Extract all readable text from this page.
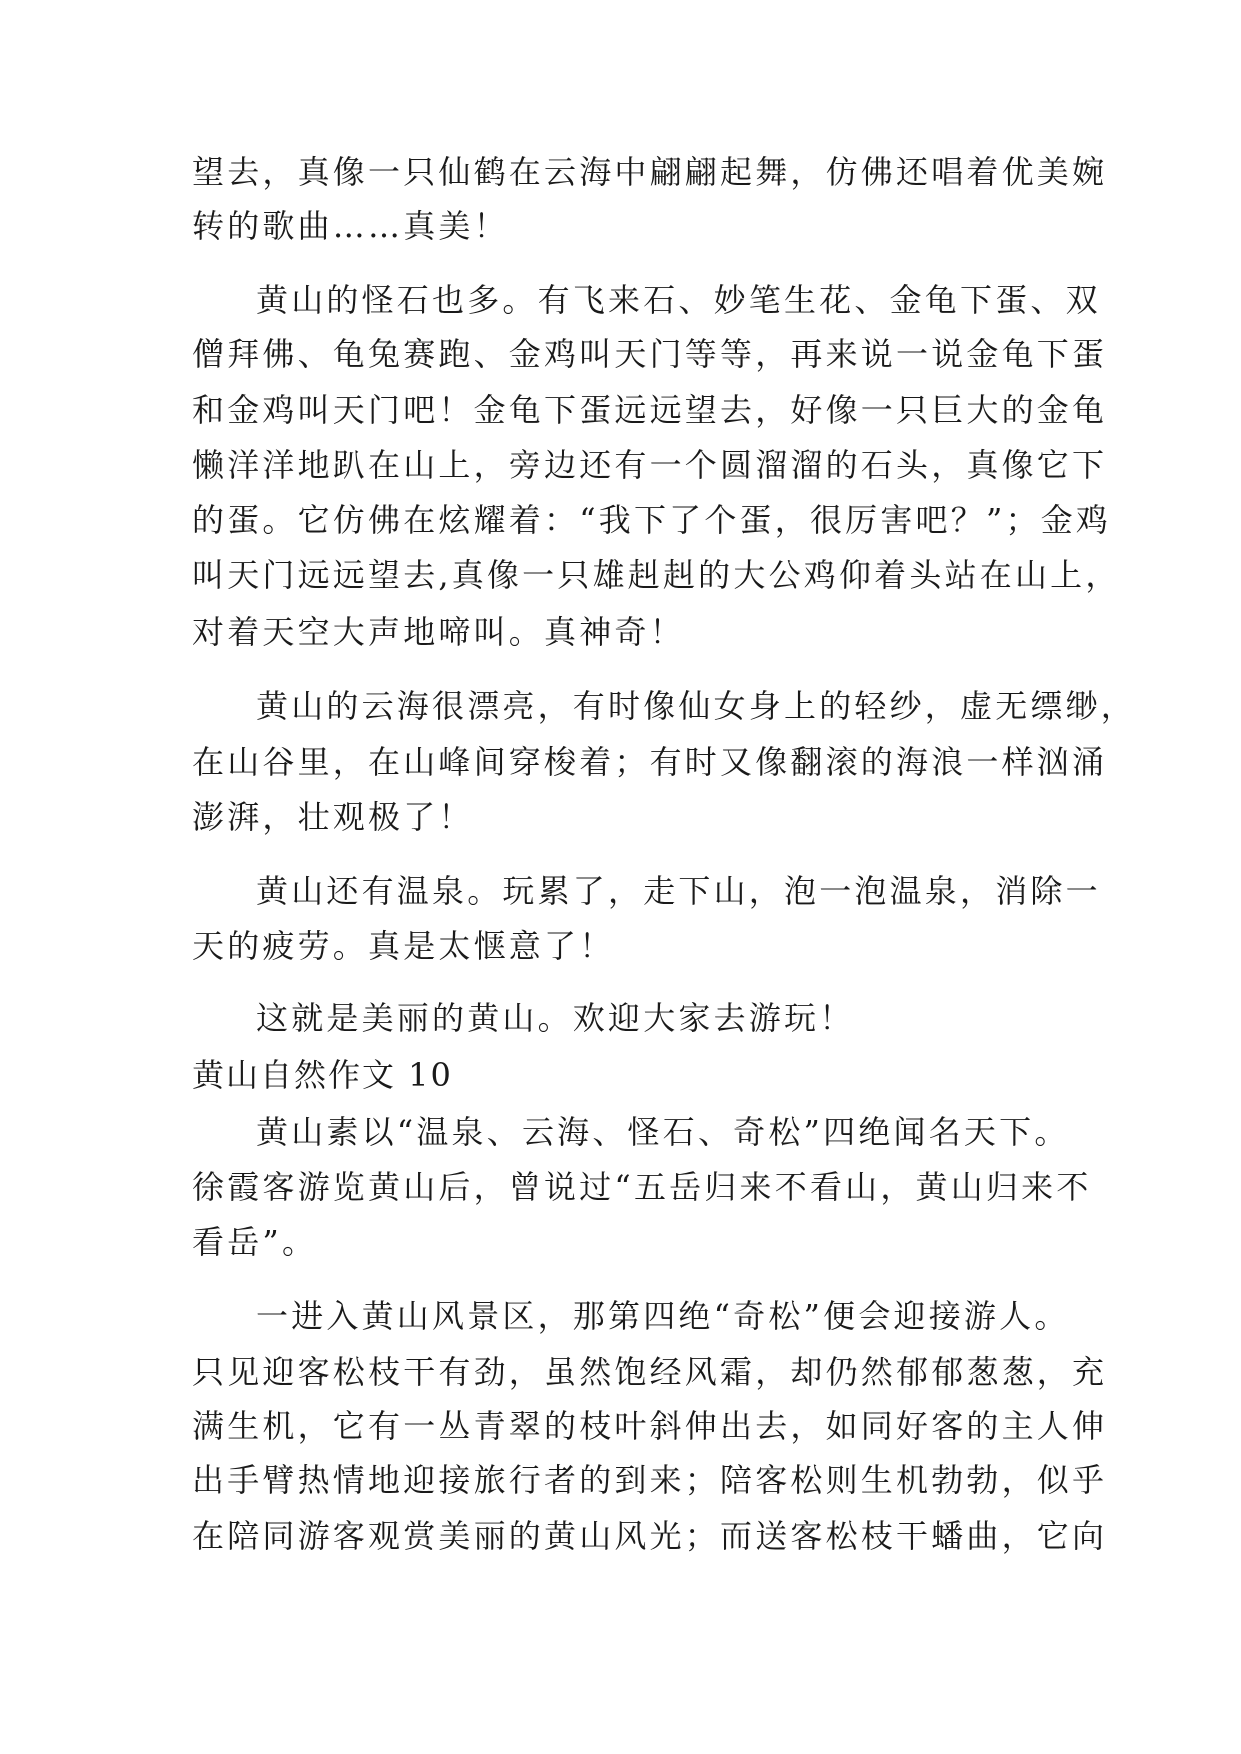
望去，真像一只仙鹤在云海中翩翩起舞，仿佛还唱着优美婉
转的歌曲……真美！
黄山的怪石也多。有飞来石、妙笔生花、金龟下蛋、双
僧拜佛、龟兔赛跑、金鸡叫天门等等，再来说一说金龟下蛋
和金鸡叫天门吧！金龟下蛋远远望去，好像一只巨大的金龟
懒洋洋地趴在山上，旁边还有一个圆溜溜的石头，真像它下
的蛋。它仿佛在炫耀着：“我下了个蛋，很厉害吧？”；金鸡
叫天门远远望去,真像一只雄赳赳的大公鸡仰着头站在山上，
对着天空大声地啼叫。真神奇！
黄山的云海很漂亮，有时像仙女身上的轻纱，虚无缥缈，
在山谷里，在山峰间穿梭着；有时又像翻滚的海浪一样汹涌
澎湃，壮观极了！
黄山还有温泉。玩累了，走下山，泡一泡温泉，消除一
天的疲劳。真是太惬意了！
这就是美丽的黄山。欢迎大家去游玩！
黄山自然作文 10
黄山素以“温泉、云海、怪石、奇松”四绝闻名天下。
徐霞客游览黄山后，曾说过“五岳归来不看山，黄山归来不
看岳”。
一进入黄山风景区，那第四绝“奇松”便会迎接游人。
只见迎客松枝干有劲，虽然饱经风霜，却仍然郁郁葱葱，充
满生机，它有一丛青翠的枝叶斜伸出去，如同好客的主人伸
出手臂热情地迎接旅行者的到来；陪客松则生机勃勃，似乎
在陪同游客观赏美丽的黄山风光；而送客松枝干蟠曲，它向
